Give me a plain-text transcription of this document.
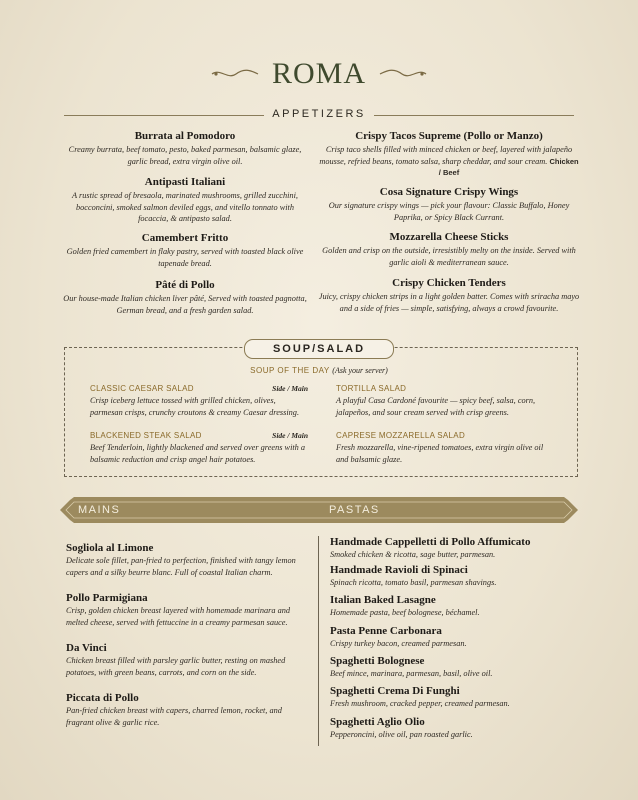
ROMA
APPETIZERS
Burrata al Pomodoro
Creamy burrata, beef tomato, pesto, baked parmesan, balsamic glaze, garlic bread, extra virgin olive oil.
Antipasti Italiani
A rustic spread of bresaola, marinated mushrooms, grilled zucchini, bocconcini, smoked salmon deviled eggs, and vitello tonnato with focaccia, & antipasto salad.
Camembert Fritto
Golden fried camembert in flaky pastry, served with toasted black olive tapenade bread.
Pâté di Pollo
Our house-made Italian chicken liver pâté, Served with toasted pagnotta, German bread, and a fresh garden salad.
Crispy Tacos Supreme (Pollo or Manzo)
Crisp taco shells filled with minced chicken or beef, layered with jalapeño mousse, refried beans, tomato salsa, sharp cheddar, and sour cream. Chicken / Beef
Cosa Signature Crispy Wings
Our signature crispy wings — pick your flavour: Classic Buffalo, Honey Paprika, or Spicy Black Currant.
Mozzarella Cheese Sticks
Golden and crisp on the outside, irresistibly melty on the inside. Served with garlic aioli & mediterranean sauce.
Crispy Chicken Tenders
Juicy, crispy chicken strips in a light golden batter. Comes with sriracha mayo and a side of fries — simple, satisfying, always a crowd favourite.
SOUP/SALAD
SOUP OF THE DAY (Ask your server)
CLASSIC CAESAR SALAD	Side / Main
Crisp iceberg lettuce tossed with grilled chicken, olives, parmesan crisps, crunchy croutons & creamy Caesar dressing.
BLACKENED STEAK SALAD	Side / Main
Beef Tenderloin, lightly blackened and served over greens with a balsamic reduction and crisp angel hair potatoes.
TORTILLA SALAD
A playful Casa Cardoné favourite — spicy beef, salsa, corn, jalapeños, and sour cream served with crisp greens.
CAPRESE MOZZARELLA SALAD
Fresh mozzarella, vine-ripened tomatoes, extra virgin olive oil and balsamic glaze.
MAINS	PASTAS
Sogliola al Limone
Delicate sole fillet, pan-fried to perfection, finished with tangy lemon capers and a silky beurre blanc. Full of coastal Italian charm.
Pollo Parmigiana
Crisp, golden chicken breast layered with homemade marinara and melted cheese, served with fettuccine in a creamy parmesan sauce.
Da Vinci
Chicken breast filled with parsley garlic butter, resting on mashed potatoes, with green beans, carrots, and corn on the side.
Piccata di Pollo
Pan-fried chicken breast with capers, charred lemon, rocket, and fragrant olive & garlic rice.
Handmade Cappelletti di Pollo Affumicato
Smoked chicken & ricotta, sage butter, parmesan.
Handmade Ravioli di Spinaci
Spinach ricotta, tomato basil, parmesan shavings.
Italian Baked Lasagne
Homemade pasta, beef bolognese, béchamel.
Pasta Penne Carbonara
Crispy turkey bacon, creamed parmesan.
Spaghetti Bolognese
Beef mince, marinara, parmesan, basil, olive oil.
Spaghetti Crema Di Funghi
Fresh mushroom, cracked pepper, creamed parmesan.
Spaghetti Aglio Olio
Pepperoncini, olive oil, pan roasted garlic.
